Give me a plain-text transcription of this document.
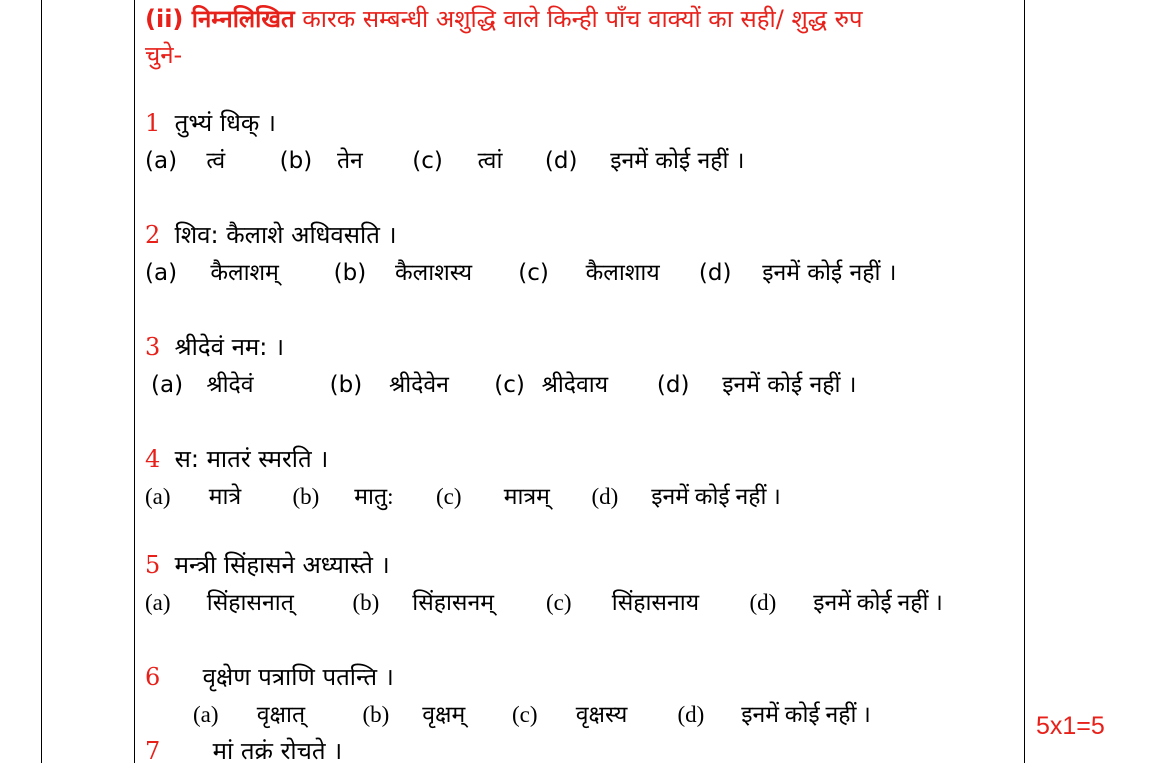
(ii) निम्नलिखित कारक सम्बन्धी अशुद्धि वाले किन्ही पाँच वाक्यों का सही/ शुद्ध रुप
चुने-
1 तुभ्यं धिक् ।
(a) त्वं (b) तेन (c) त्वां (d) इनमें कोई नहीं ।
2 शिव: कैलाशे अधिवसति ।
(a) कैलाशम् (b) कैलाशस्य (c) कैलाशाय (d) इनमें कोई नहीं ।
3 श्रीदेवं नम: ।
(a) श्रीदेवं	(b) श्रीदेवेन (c) श्रीदेवाय (d) इनमें कोई नहीं ।
4 स: मातरं स्मरति ।
(a) मात्रे (b) मातु: (c) मात्रम् (d) इनमें कोई नहीं ।
5 मन्त्री सिंहासने अध्यास्ते ।
(a) सिंहासनात्	(b) सिंहासनम् (c) सिंहासनाय (d) इनमें कोई नहीं ।
6 वृक्षेण पत्राणि पतन्ति ।
(a) वृक्षात् (b) वृक्षम् (c) वृक्षस्य (d) इनमें कोई नहीं ।
7 मां तक्रं रोचते ।
5x1=5
